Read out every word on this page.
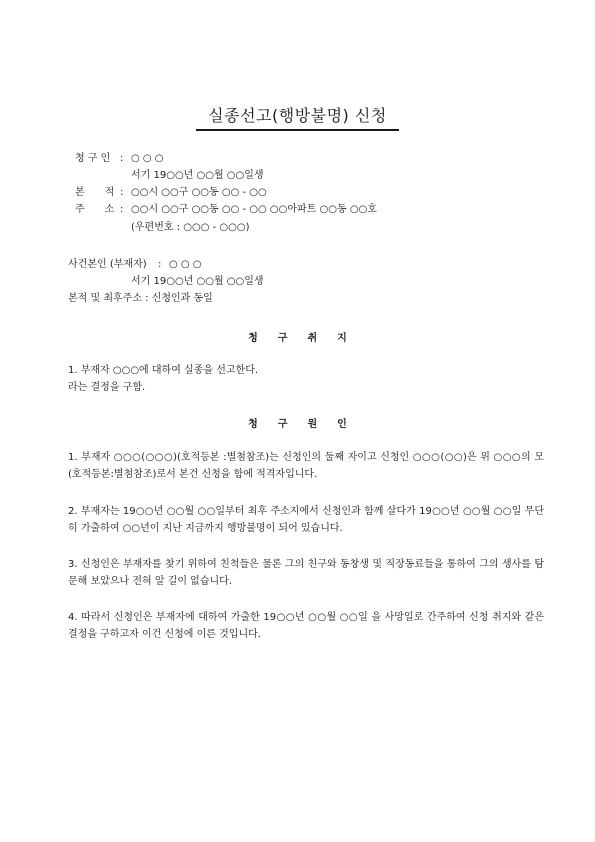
실종선고(행방불명) 신청
청 구 인 : ○ ○ ○
서기 19○○년 ○○월 ○○일생
본　　적 : ○○시 ○○구 ○○동 ○○ - ○○
주　　소 : ○○시 ○○구 ○○동 ○○ - ○○ ○○아파트 ○○동 ○○호
(우편번호 : ○○○ - ○○○)
사건본인 (부재자) : ○ ○ ○
서기 19○○년 ○○월 ○○일생
본적 및 최후주소 : 신청인과 동일
청　　구　　취　　지
1. 부재자 ○○○에 대하여 실종을 선고한다.
라는 결정을 구함.
청　　구　　원　　인
1. 부재자 ○○○(○○○)(호적등본 :별첨참조)는 신청인의 둘째 자이고 신청인 ○○○(○○)은 위 ○○○의 모 (호적등본:별첨참조)로서 본건 신청을 함에 적격자입니다.
2. 부재자는 19○○년 ○○월 ○○일부터 최후 주소지에서 신청인과 함께 살다가 19○○년 ○○월 ○○일 무단히 가출하여 ○○년이 지난 지금까지 행방불명이 되어 있습니다.
3. 신청인은 부재자를 찾기 위하여 친척들은 물론 그의 친구와 동창생 및 직장동료들을 통하여 그의 생사를 탐문해 보았으나 전혀 알 길이 없습니다.
4. 따라서 신청인은 부재자에 대하여 가출한 19○○년 ○○월 ○○일 을 사망일로 간주하여 신청 취지와 같은 결정을 구하고자 이건 신청에 이른 것입니다.
